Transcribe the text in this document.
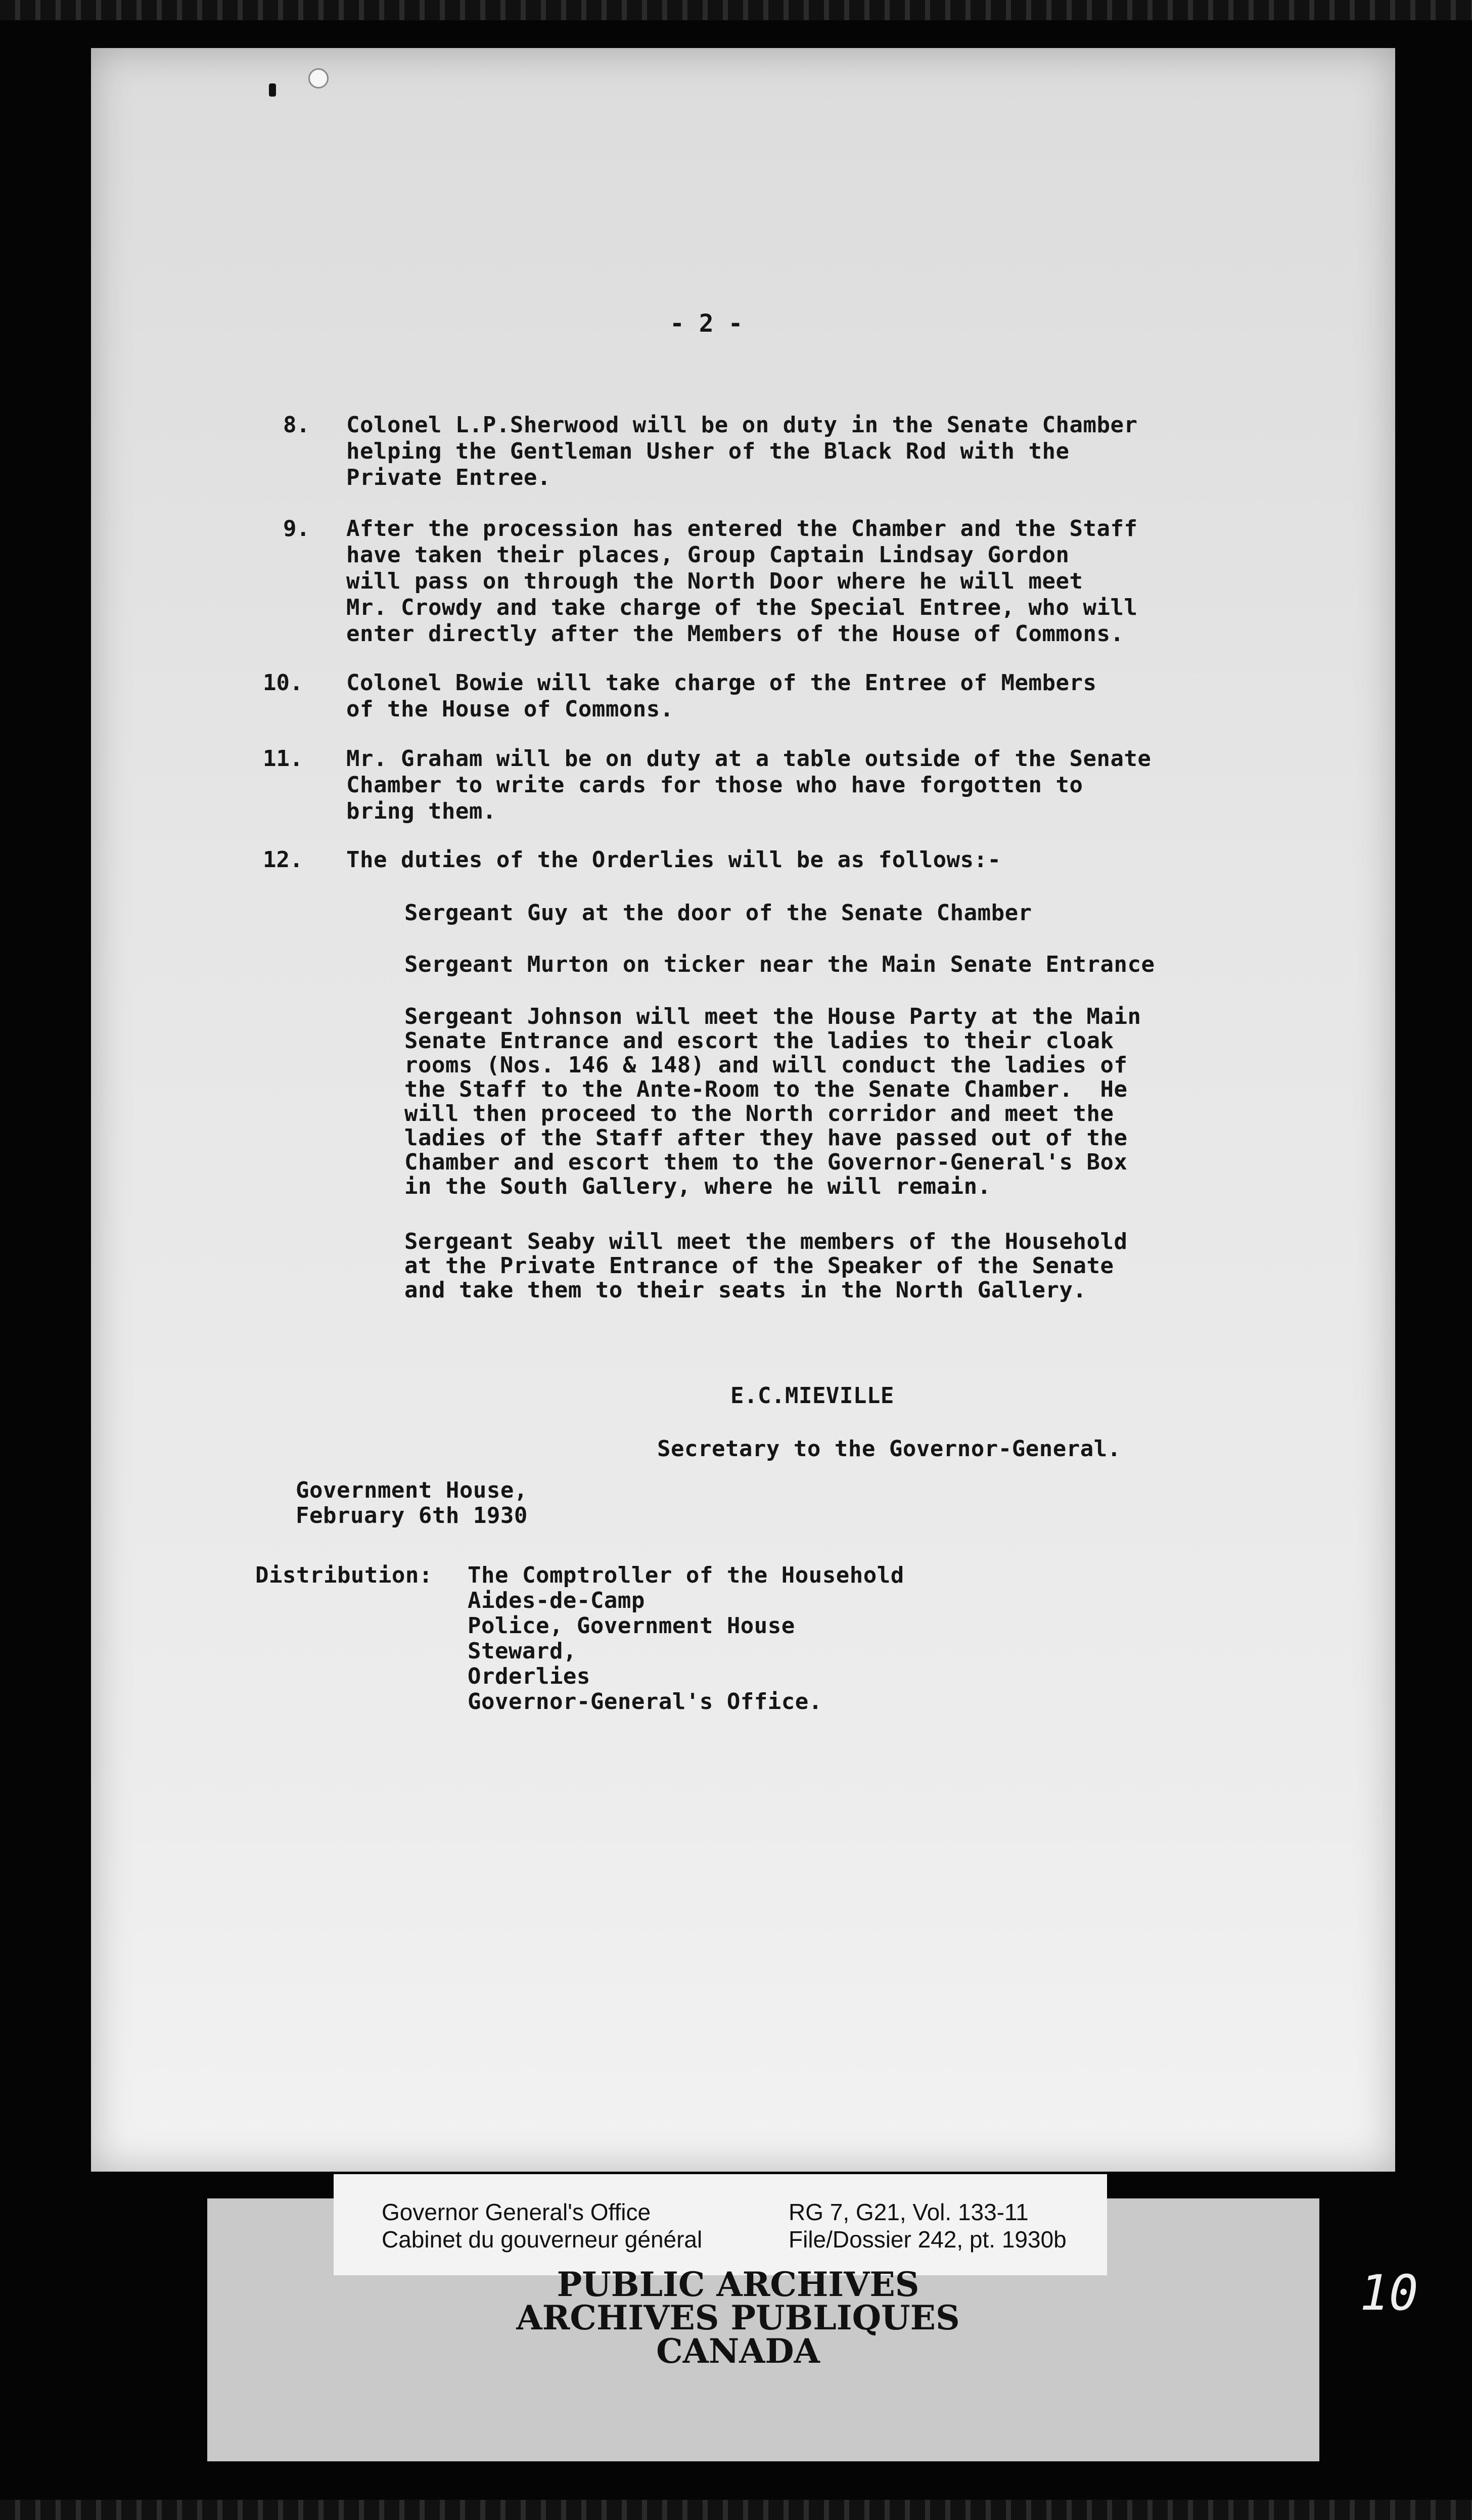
- 2 -
8. Colonel L.P.Sherwood will be on duty in the Senate Chamber
helping the Gentleman Usher of the Black Rod with the
Private Entree.
9. After the procession has entered the Chamber and the Staff
have taken their places, Group Captain Lindsay Gordon
will pass on through the North Door where he will meet
Mr. Crowdy and take charge of the Special Entree, who will
enter directly after the Members of the House of Commons.
10. Colonel Bowie will take charge of the Entree of Members
of the House of Commons.
11. Mr. Graham will be on duty at a table outside of the Senate
Chamber to write cards for those who have forgotten to
bring them.
12. The duties of the Orderlies will be as follows:-
Sergeant Guy at the door of the Senate Chamber
Sergeant Murton on ticker near the Main Senate Entrance
Sergeant Johnson will meet the House Party at the Main
Senate Entrance and escort the ladies to their cloak
rooms (Nos. 146 & 148) and will conduct the ladies of
the Staff to the Ante-Room to the Senate Chamber.  He
will then proceed to the North corridor and meet the
ladies of the Staff after they have passed out of the
Chamber and escort them to the Governor-General's Box
in the South Gallery, where he will remain.
Sergeant Seaby will meet the members of the Household
at the Private Entrance of the Speaker of the Senate
and take them to their seats in the North Gallery.
E.C.MIEVILLE
Secretary to the Governor-General.
Government House,
February 6th 1930
Distribution: The Comptroller of the Household
Aides-de-Camp
Police, Government House
Steward,
Orderlies
Governor-General's Office.
Governor General's Office
Cabinet du gouverneur général
RG 7, G21, Vol. 133-11
File/Dossier 242, pt. 1930b
PUBLIC ARCHIVES
ARCHIVES PUBLIQUES
CANADA
10
